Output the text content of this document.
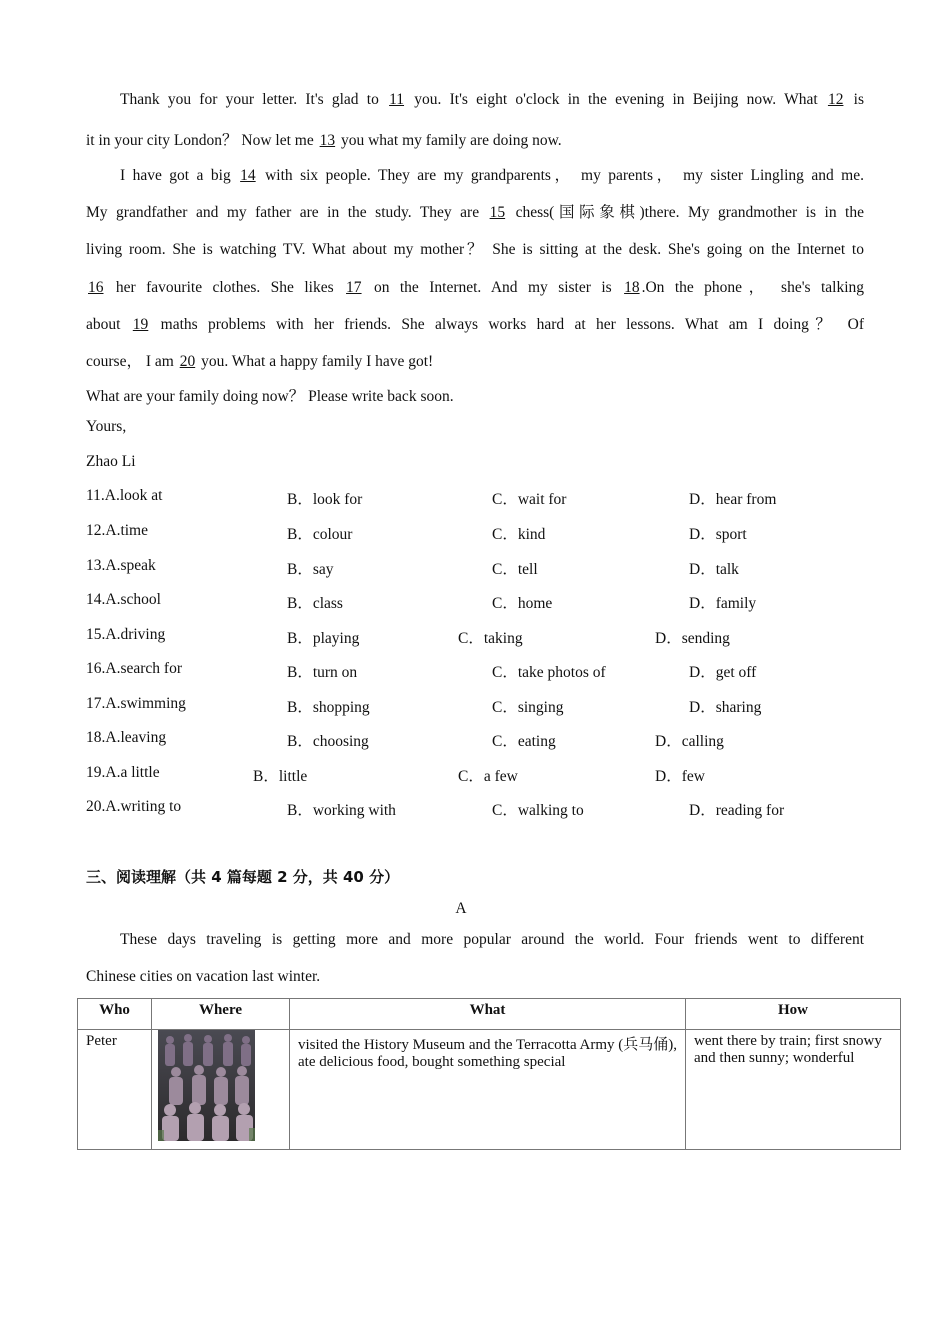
Thank you for your letter. It's glad to 11 you. It's eight o'clock in the evening in Beijing now. What 12 is
it in your city London？ Now let me 13 you what my family are doing now.
I have got a big 14 with six people. They are my grandparents， my parents， my sister Lingling and me.
My grandfather and my father are in the study. They are 15 chess(国际象棋)there. My grandmother is in the
living room. She is watching TV. What about my mother？ She is sitting at the desk. She's going on the Internet to
16 her favourite clothes. She likes 17 on the Internet. And my sister is 18 .On the phone， she's talking
about 19 maths problems with her friends. She always works hard at her lessons. What am I doing？ Of
course， I am 20 you. What a happy family I have got!
What are your family doing now？ Please write back soon.
Yours,
Zhao Li
11.A.look at	B．look for	C．wait for	D．hear from
12.A.time	B．colour	C．kind	D．sport
13.A.speak	B．say	C．tell	D．talk
14.A.school	B．class	C．home	D．family
15.A.driving	B．playing	C．taking	D．sending
16.A.search for	B．turn on	C．take photos of	D．get off
17.A.swimming	B．shopping	C．singing	D．sharing
18.A.leaving	B．choosing	C．eating	D．calling
19.A.a little	B．little	C．a few	D．few
20.A.writing to	B．working with	C．walking to	D．reading for
三、阅读理解（共 4 篇每题 2 分，共 40 分）
A
These days traveling is getting more and more popular around the world. Four friends went to different
Chinese cities on vacation last winter.
Who	Where	What	How
Peter		visited the History Museum and the Terracotta Army (兵马俑), ate delicious food, bought something special	went there by train; first snowy and then sunny; wonderful
